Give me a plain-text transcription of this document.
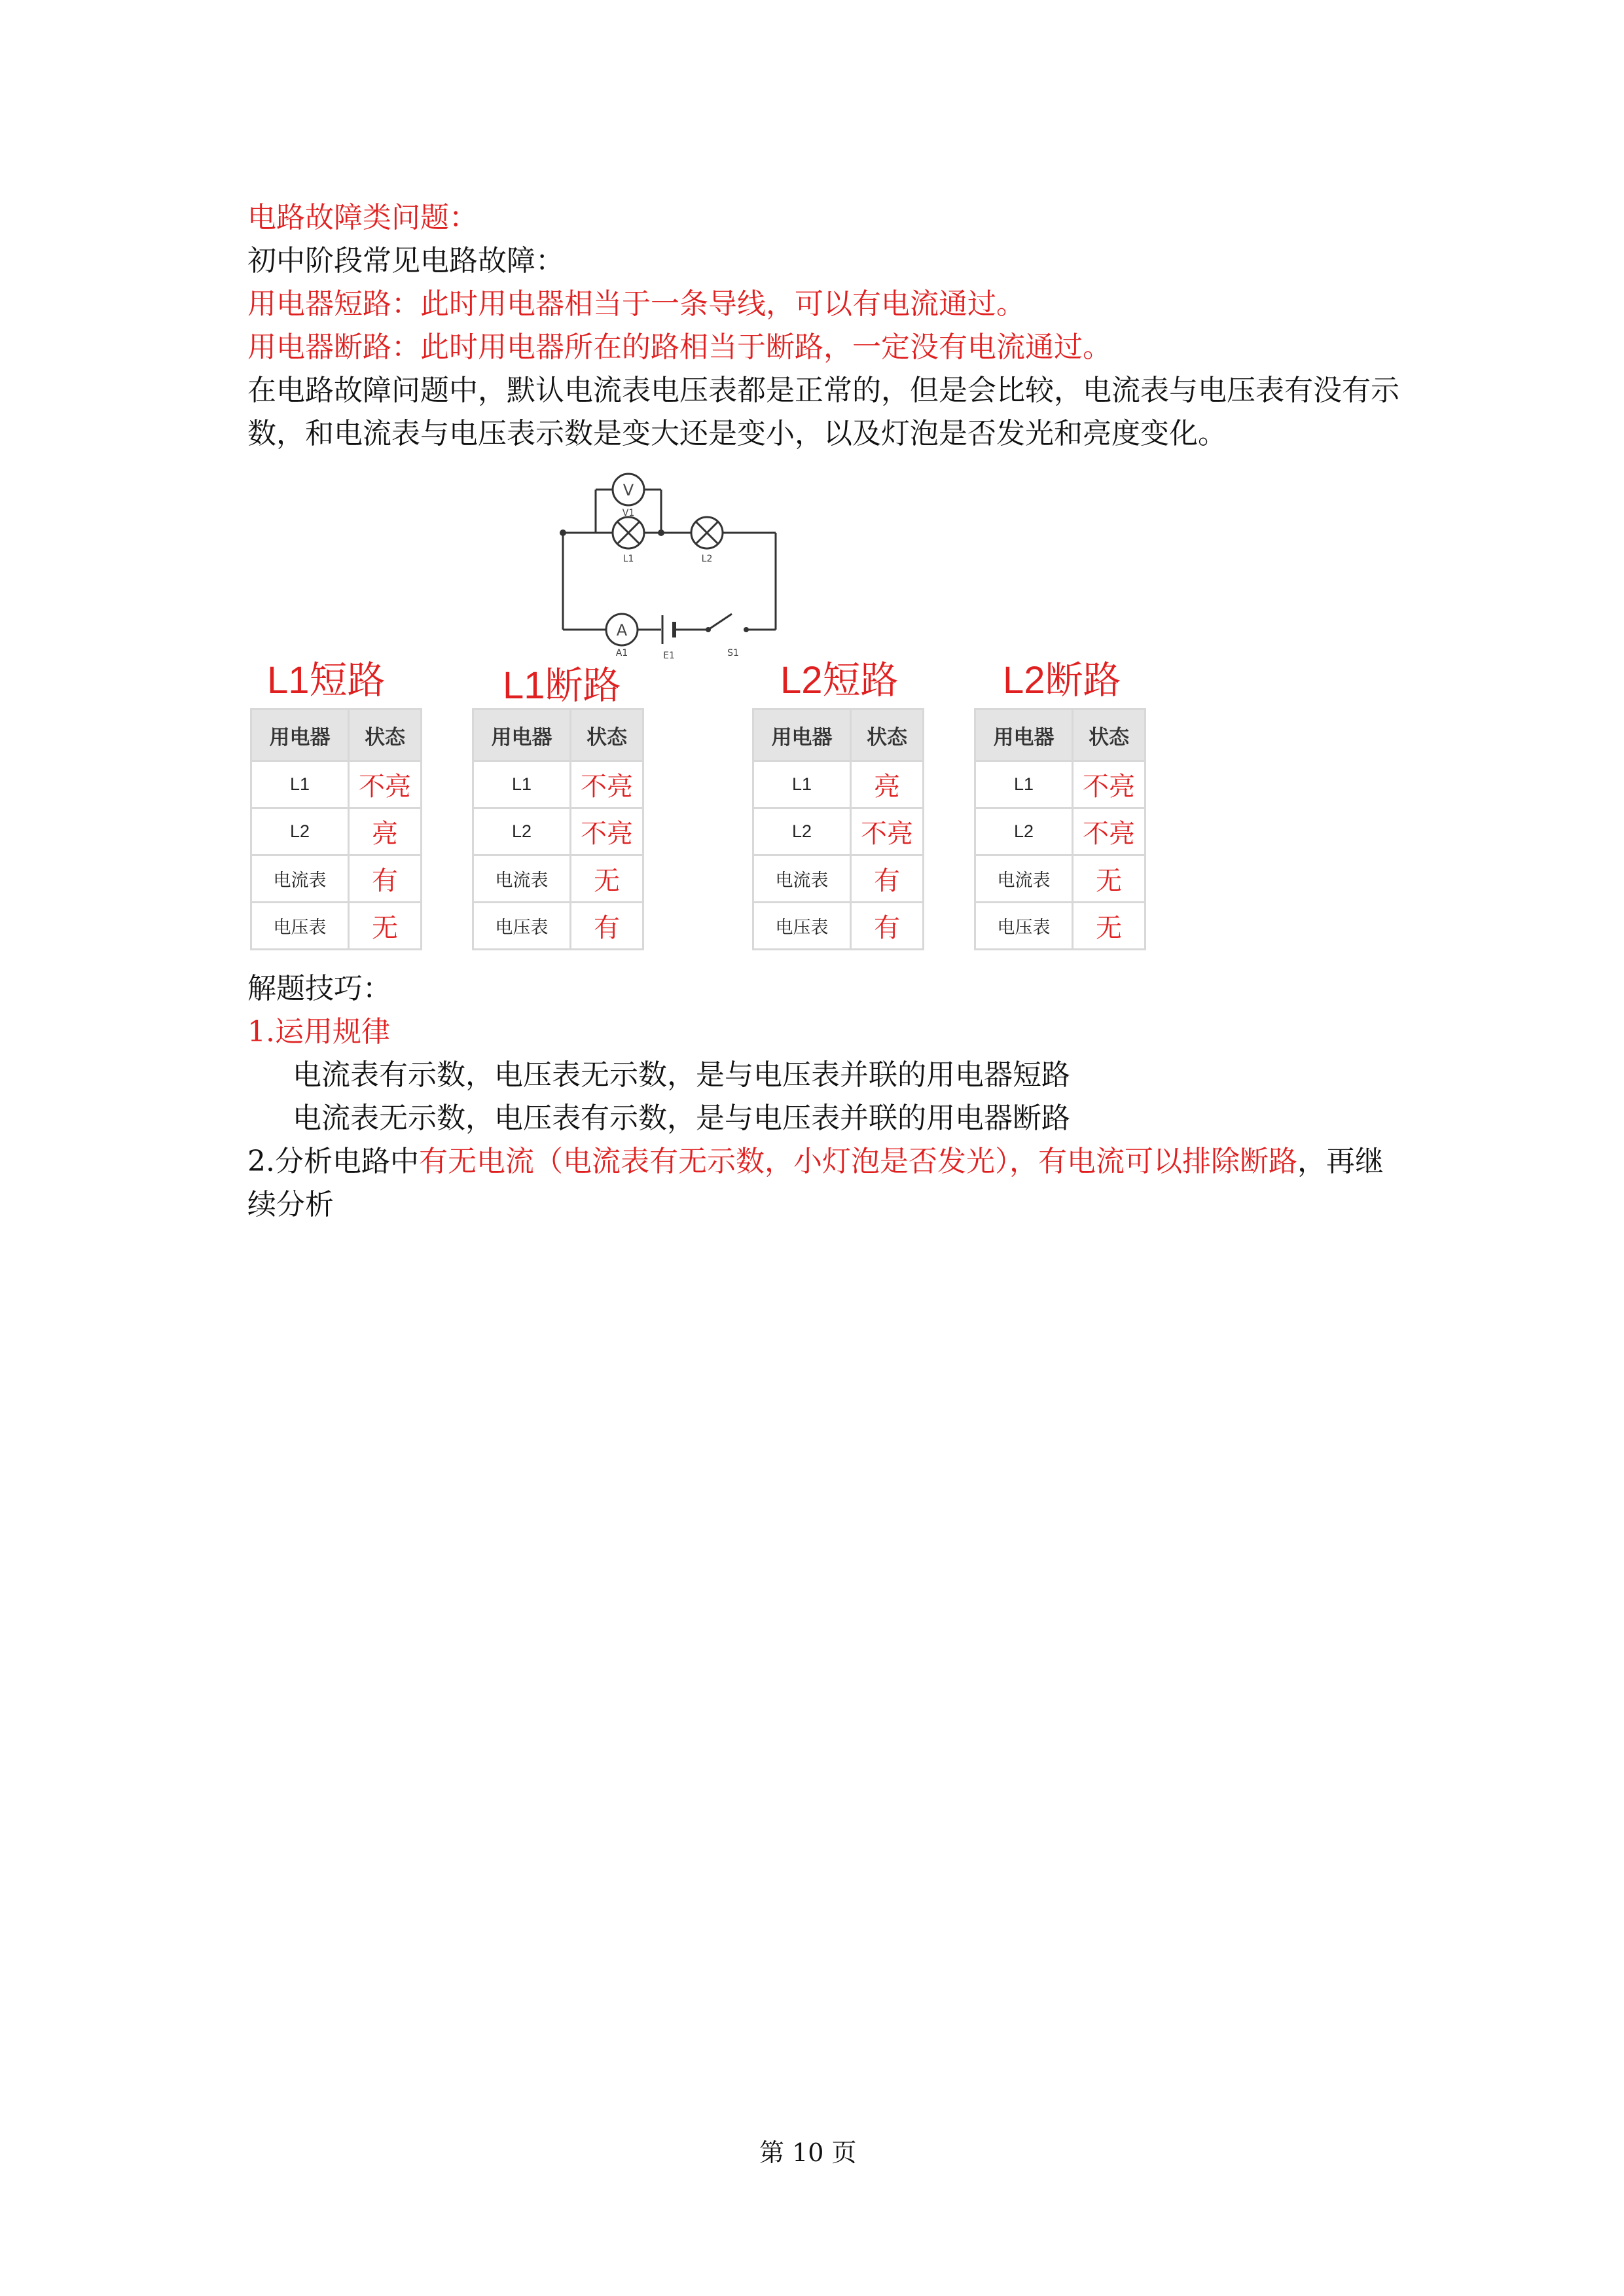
电路故障类问题：
初中阶段常见电路故障：
用电器短路：此时用电器相当于一条导线，可以有电流通过。
用电器断路：此时用电器所在的路相当于断路，一定没有电流通过。
在电路故障问题中，默认电流表电压表都是正常的，但是会比较，电流表与电压表有没有示
数，和电流表与电压表示数是变大还是变小，以及灯泡是否发光和亮度变化。
V
A
V1
L1	L2
A1	E1	S1
L1短路	L1断路	L2短路	L2断路
用电器	状态
L1	不亮
L2	亮
电流表	有
电压表	无
用电器	状态
L1	不亮
L2	不亮
电流表	无
电压表	有
用电器	状态
L1	亮
L2	不亮
电流表	有
电压表	有
用电器	状态
L1	不亮
L2	不亮
电流表	无
电压表	无
解题技巧：
1.运用规律
电流表有示数，电压表无示数，是与电压表并联的用电器短路
电流表无示数，电压表有示数，是与电压表并联的用电器断路
2.分析电路中有无电流（电流表有无示数，小灯泡是否发光），有电流可以排除断路，再继
续分析
第 10 页
